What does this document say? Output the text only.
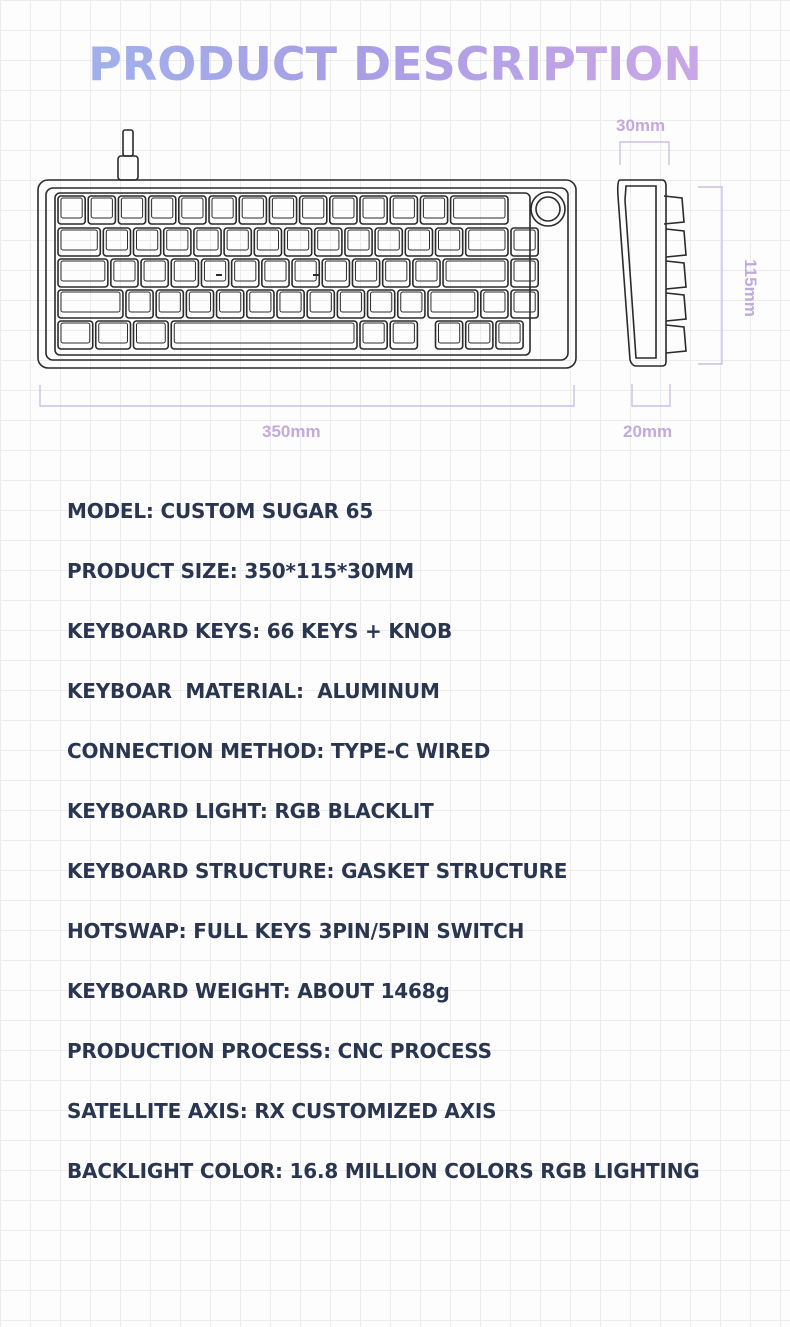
PRODUCT DESCRIPTION
350mm
30mm
20mm
115mm

MODEL: CUSTOM SUGAR 65

PRODUCT SIZE: 350*115*30MM

KEYBOARD KEYS: 66 KEYS + KNOB

KEYBOAR  MATERIAL:  ALUMINUM

CONNECTION METHOD: TYPE-C WIRED

KEYBOARD LIGHT: RGB BLACKLIT

KEYBOARD STRUCTURE: GASKET STRUCTURE

HOTSWAP: FULL KEYS 3PIN/5PIN SWITCH

KEYBOARD WEIGHT: ABOUT 1468g

PRODUCTION PROCESS: CNC PROCESS

SATELLITE AXIS: RX CUSTOMIZED AXIS

BACKLIGHT COLOR: 16.8 MILLION COLORS RGB LIGHTING
